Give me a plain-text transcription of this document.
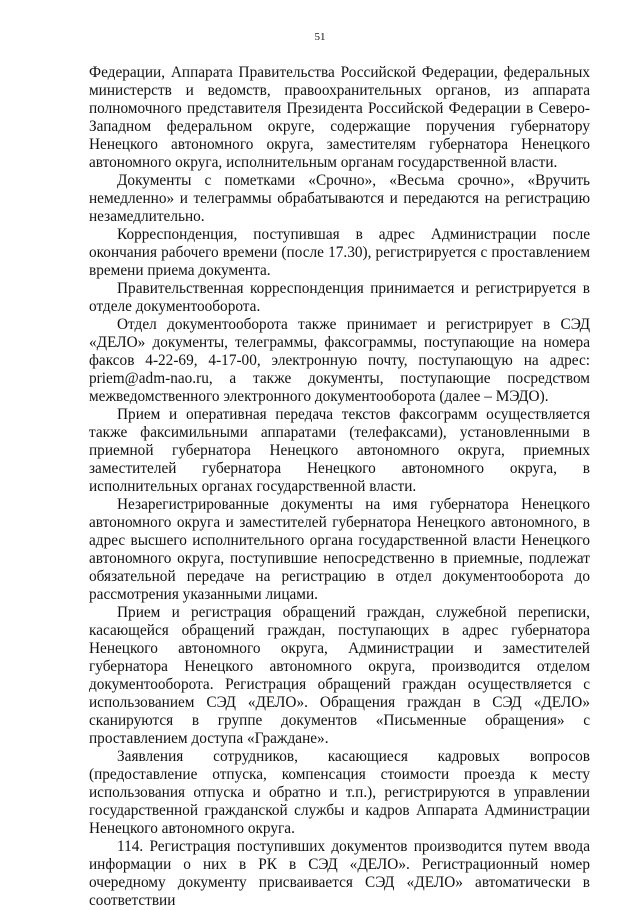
51

Федерации, Аппарата Правительства Российской Федерации, федеральных министерств и ведомств, правоохранительных органов, из аппарата полномочного представителя Президента Российской Федерации в Северо-Западном федеральном округе, содержащие поручения губернатору Ненецкого автономного округа, заместителям губернатора Ненецкого автономного округа, исполнительным органам государственной власти.

Документы с пометками «Срочно», «Весьма срочно», «Вручить немедленно» и телеграммы обрабатываются и передаются на регистрацию незамедлительно.

Корреспонденция, поступившая в адрес Администрации после окончания рабочего времени (после 17.30), регистрируется с проставлением времени приема документа.

Правительственная корреспонденция принимается и регистрируется в отделе документооборота.

Отдел документооборота также принимает и регистрирует в СЭД «ДЕЛО» документы, телеграммы, факсограммы, поступающие на номера факсов 4-22-69, 4-17-00, электронную почту, поступающую на адрес: priem@adm-nao.ru, а также документы, поступающие посредством межведомственного электронного документооборота (далее – МЭДО).

Прием и оперативная передача текстов факсограмм осуществляется также факсимильными аппаратами (телефаксами), установленными в приемной губернатора Ненецкого автономного округа, приемных заместителей губернатора Ненецкого автономного округа, в исполнительных органах государственной власти.

Незарегистрированные документы на имя губернатора Ненецкого автономного округа и заместителей губернатора Ненецкого автономного, в адрес высшего исполнительного органа государственной власти Ненецкого автономного округа, поступившие непосредственно в приемные, подлежат обязательной передаче на регистрацию в отдел документооборота до рассмотрения указанными лицами.

Прием и регистрация обращений граждан, служебной переписки, касающейся обращений граждан, поступающих в адрес губернатора Ненецкого автономного округа, Администрации и заместителей губернатора Ненецкого автономного округа, производится отделом документооборота. Регистрация обращений граждан осуществляется с использованием СЭД «ДЕЛО». Обращения граждан в СЭД «ДЕЛО» сканируются в группе документов «Письменные обращения» с проставлением доступа «Граждане».

Заявления сотрудников, касающиеся кадровых вопросов (предоставление отпуска, компенсация стоимости проезда к месту использования отпуска и обратно и т.п.), регистрируются в управлении государственной гражданской службы и кадров Аппарата Администрации Ненецкого автономного округа.

114. Регистрация поступивших документов производится путем ввода информации о них в РК в СЭД «ДЕЛО». Регистрационный номер очередному документу присваивается СЭД «ДЕЛО» автоматически в соответствии
